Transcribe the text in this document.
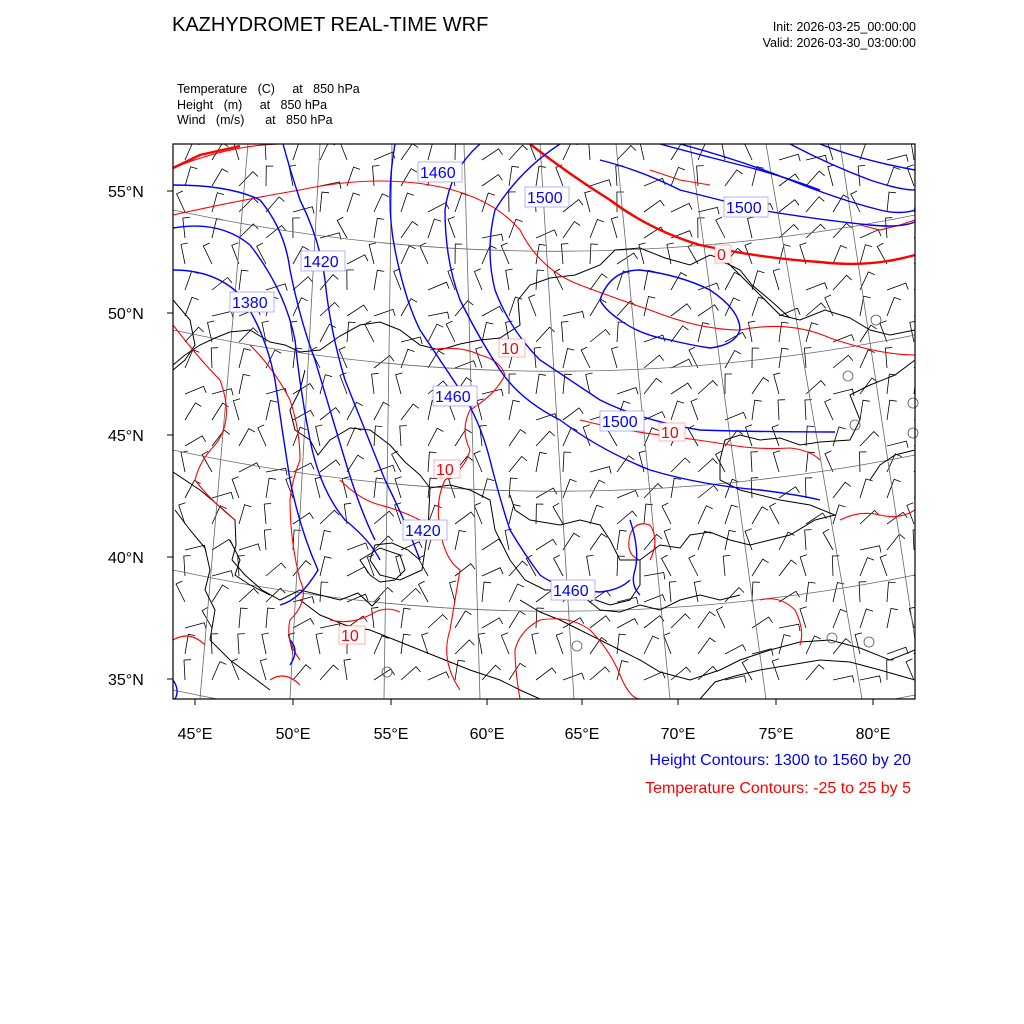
KAZHYDROMET REAL-TIME WRF	Init: 2026-03-25_00:00:00
Valid: 2026-03-30_03:00:00
Temperature (C) at   850 hPa
Height (m) at   850 hPa
Wind (m/s) at   850 hPa
1460
1500
1500
1420
1380
1460
1500
1420
1460
0
10
10
10
10
55°N
50°N
45°N
40°N
35°N
45°E	50°E	55°E	60°E	65°E	70°E	75°E	80°E
Height Contours: 1300 to 1560 by 20
Temperature Contours: -25 to 25 by 5
